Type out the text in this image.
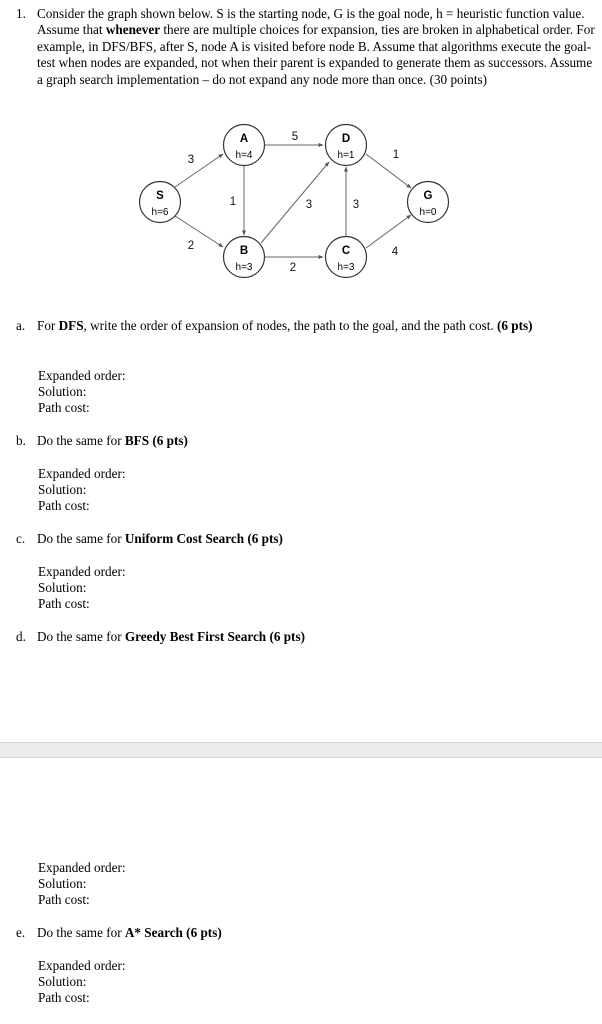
1. Consider the graph shown below. S is the starting node, G is the goal node, h = heuristic function value. Assume that whenever there are multiple choices for expansion, ties are broken in alphabetical order. For example, in DFS/BFS, after S, node A is visited before node B. Assume that algorithms execute the goal-test when nodes are expanded, not when their parent is expanded to generate them as successors. Assume a graph search implementation – do not expand any node more than once. (30 points)
3
2
1
5
3
2
3
1
4
S
h=6
A
h=4
B
h=3
D
h=1
C
h=3
G
h=0
a. For DFS, write the order of expansion of nodes, the path to the goal, and the path cost. (6 pts)
Expanded order:
Solution:
Path cost:
b. Do the same for BFS (6 pts)
Expanded order:
Solution:
Path cost:
c. Do the same for Uniform Cost Search (6 pts)
Expanded order:
Solution:
Path cost:
d. Do the same for Greedy Best First Search (6 pts)
Expanded order:
Solution:
Path cost:
e. Do the same for A* Search (6 pts)
Expanded order:
Solution:
Path cost:
